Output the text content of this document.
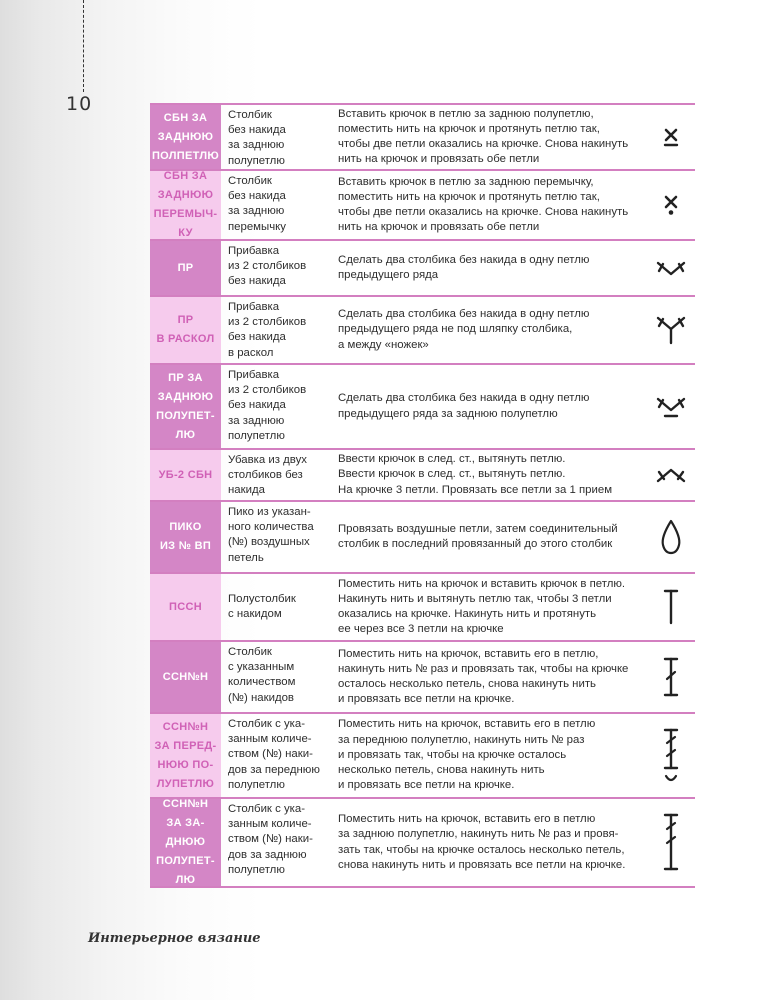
10
СБН ЗА
ЗАДНЮЮ
ПОЛПЕТЛЮ
Столбик
без накида
за заднюю
полупетлю
Вставить крючок в петлю за заднюю полупетлю,
поместить нить на крючок и протянуть петлю так,
чтобы две петли оказались на крючке. Снова накинуть
нить на крючок и провязать обе петли
СБН ЗА
ЗАДНЮЮ
ПЕРЕМЫЧ-
КУ
Столбик
без накида
за заднюю
перемычку
Вставить крючок в петлю за заднюю перемычку,
поместить нить на крючок и протянуть петлю так,
чтобы две петли оказались на крючке. Снова накинуть
нить на крючок и провязать обе петли
ПР
Прибавка
из 2 столбиков
без накида
Сделать два столбика без накида в одну петлю
предыдущего ряда
ПР
В РАСКОЛ
Прибавка
из 2 столбиков
без накида
в раскол
Сделать два столбика без накида в одну петлю
предыдущего ряда не под шляпку столбика,
а между «ножек»
ПР ЗА
ЗАДНЮЮ
ПОЛУПЕТ-
ЛЮ
Прибавка
из 2 столбиков
без накида
за заднюю
полупетлю
Сделать два столбика без накида в одну петлю
предыдущего ряда за заднюю полупетлю
УБ-2 СБН
Убавка из двух
столбиков без
накида
Ввести крючок в след. ст., вытянуть петлю.
Ввести крючок в след. ст., вытянуть петлю.
На крючке 3 петли. Провязать все петли за 1 прием
ПИКО
ИЗ № ВП
Пико из указан-
ного количества
(№) воздушных
петель
Провязать воздушные петли, затем соединительный
столбик в последний провязанный до этого столбик
ПССН
Полустолбик
с накидом
Поместить нить на крючок и вставить крючок в петлю.
Накинуть нить и вытянуть петлю так, чтобы 3 петли
оказались на крючке. Накинуть нить и протянуть
ее через все 3 петли на крючке
ССН№Н
Столбик
с указанным
количеством
(№) накидов
Поместить нить на крючок, вставить его в петлю,
накинуть нить № раз и провязать так, чтобы на крючке
осталось несколько петель, снова накинуть нить
и провязать все петли на крючке.
ССН№Н
ЗА ПЕРЕД-
НЮЮ ПО-
ЛУПЕТЛЮ
Столбик с ука-
занным количе-
ством (№) наки-
дов за переднюю
полупетлю
Поместить нить на крючок, вставить его в петлю
за переднюю полупетлю, накинуть нить № раз
и провязать так, чтобы на крючке осталось
несколько петель, снова накинуть нить
и провязать все петли на крючке.
ССН№Н
ЗА ЗА-
ДНЮЮ
ПОЛУПЕТ-
ЛЮ
Столбик с ука-
занным количе-
ством (№) наки-
дов за заднюю
полупетлю
Поместить нить на крючок, вставить его в петлю
за заднюю полупетлю, накинуть нить № раз и провя-
зать так, чтобы на крючке осталось несколько петель,
снова накинуть нить и провязать все петли на крючке.
Интерьерное вязание
